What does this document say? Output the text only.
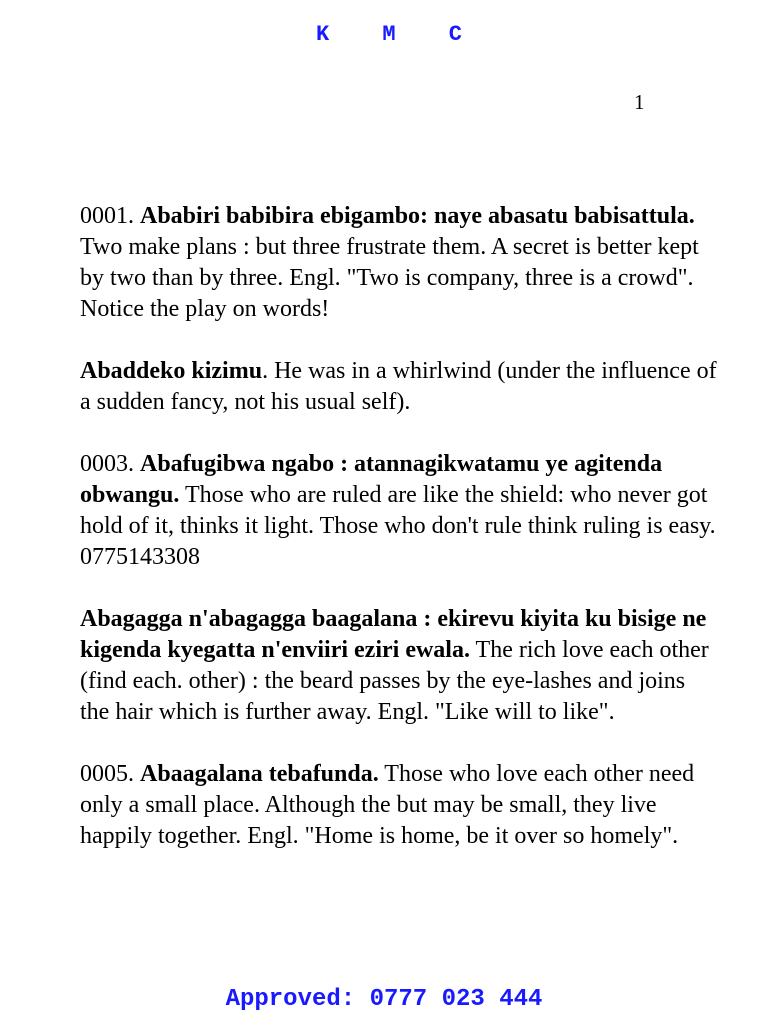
K M C
1

0001. Ababiri babibira ebigambo: naye abasatu babisattula. Two make plans : but three frustrate them. A secret is better kept by two than by three. Engl. "Two is company, three is a crowd". Notice the play on words!

Abaddeko kizimu. He was in a whirlwind (under the influence of a sudden fancy, not his usual self).

0003. Abafugibwa ngabo : atannagikwatamu ye agitenda obwangu. Those who are ruled are like the shield: who never got hold of it, thinks it light. Those who don't rule think ruling is easy.
0775143308

Abagagga n'abagagga baagalana : ekirevu kiyita ku bisige ne kigenda kyegatta n'enviiri eziri ewala. The rich love each other (find each. other) : the beard passes by the eye-lashes and joins the hair which is further away. Engl. "Like will to like".

0005. Abaagalana tebafunda. Those who love each other need only a small place. Although the but may be small, they live happily together. Engl. "Home is home, be it over so homely".

Approved: 0777 023 444
